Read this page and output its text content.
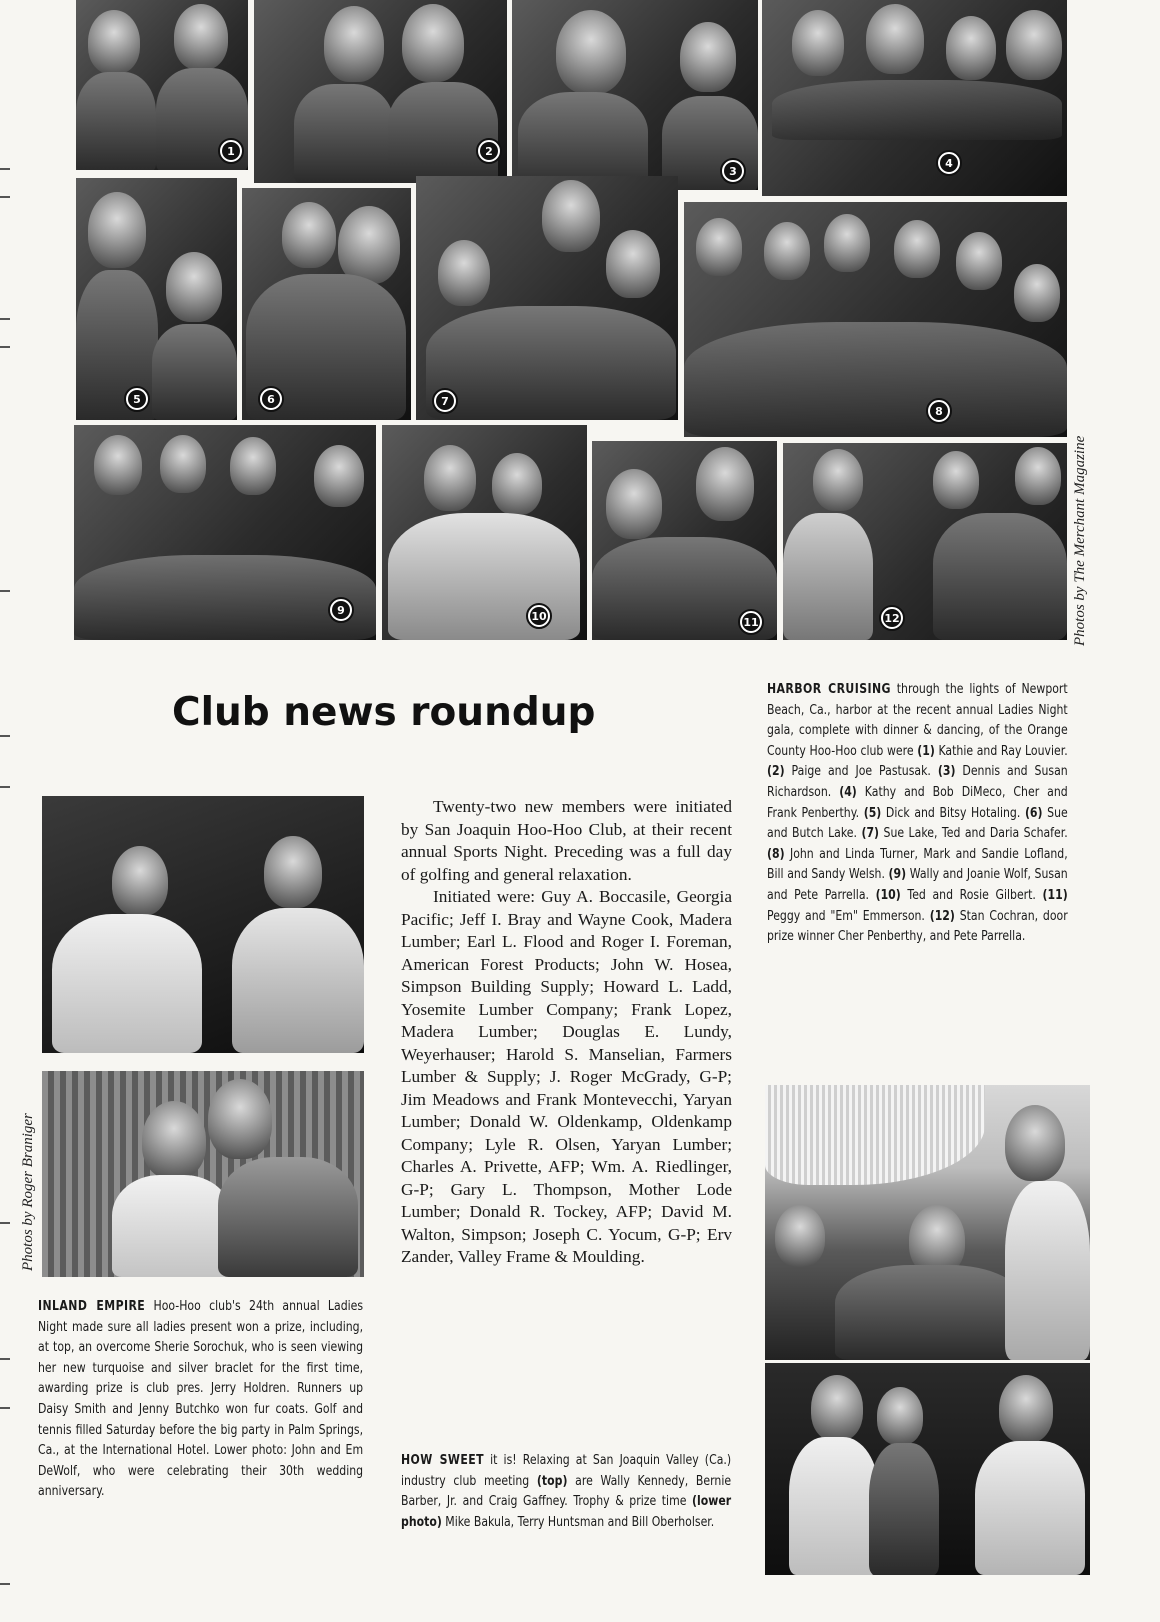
1	2
3
4
5	6	7
8
9	10	11	12	Photos by The Merchant Magazine
Club news roundup

HARBOR CRUISING through the lights of Newport Beach, Ca., harbor at the recent annual Ladies Night gala, complete with dinner & dancing, of the Orange County Hoo-Hoo club were (1) Kathie and Ray Louvier. (2) Paige and Joe Pastusak. (3) Dennis and Susan Richardson. (4) Kathy and Bob DiMeco, Cher and Frank Penberthy. (5) Dick and Bitsy Hotaling. (6) Sue and Butch Lake. (7) Sue Lake, Ted and Daria Schafer. (8) John and Linda Turner, Mark and Sandie Lofland, Bill and Sandy Welsh. (9) Wally and Joanie Wolf, Susan and Pete Parrella. (10) Ted and Rosie Gilbert. (11) Peggy and "Em" Emmerson. (12) Stan Cochran, door prize winner Cher Penberthy, and Pete Parrella.

Photos by Roger Braniger

INLAND EMPIRE Hoo-Hoo club's 24th annual Ladies Night made sure all ladies present won a prize, including, at top, an overcome Sherie Sorochuk, who is seen viewing her new turquoise and silver braclet for the first time, awarding prize is club pres. Jerry Holdren. Runners up Daisy Smith and Jenny Butchko won fur coats. Golf and tennis filled Saturday before the big party in Palm Springs, Ca., at the International Hotel. Lower photo: John and Em DeWolf, who were celebrating their 30th wedding anniversary.

Twenty-two new members were initiated by San Joaquin Hoo-Hoo Club, at their recent annual Sports Night. Preceding was a full day of golfing and general relaxation.

Initiated were: Guy A. Boccasile, Georgia Pacific; Jeff I. Bray and Wayne Cook, Madera Lumber; Earl L. Flood and Roger I. Foreman, American Forest Products; John W. Hosea, Simpson Building Supply; Howard L. Ladd, Yosemite Lumber Company; Frank Lopez, Madera Lumber; Douglas E. Lundy, Weyerhauser; Harold S. Manselian, Farmers Lumber & Supply; J. Roger McGrady, G-P; Jim Meadows and Frank Montevecchi, Yaryan Lumber; Donald W. Oldenkamp, Oldenkamp Company; Lyle R. Olsen, Yaryan Lumber; Charles A. Privette, AFP; Wm. A. Riedlinger, G-P; Gary L. Thompson, Mother Lode Lumber; Donald R. Tockey, AFP; David M. Walton, Simpson; Joseph C. Yocum, G-P; Erv Zander, Valley Frame & Moulding.

HOW SWEET it is! Relaxing at San Joaquin Valley (Ca.) industry club meeting (top) are Wally Kennedy, Bernie Barber, Jr. and Craig Gaffney. Trophy & prize time (lower photo) Mike Bakula, Terry Huntsman and Bill Oberholser.
